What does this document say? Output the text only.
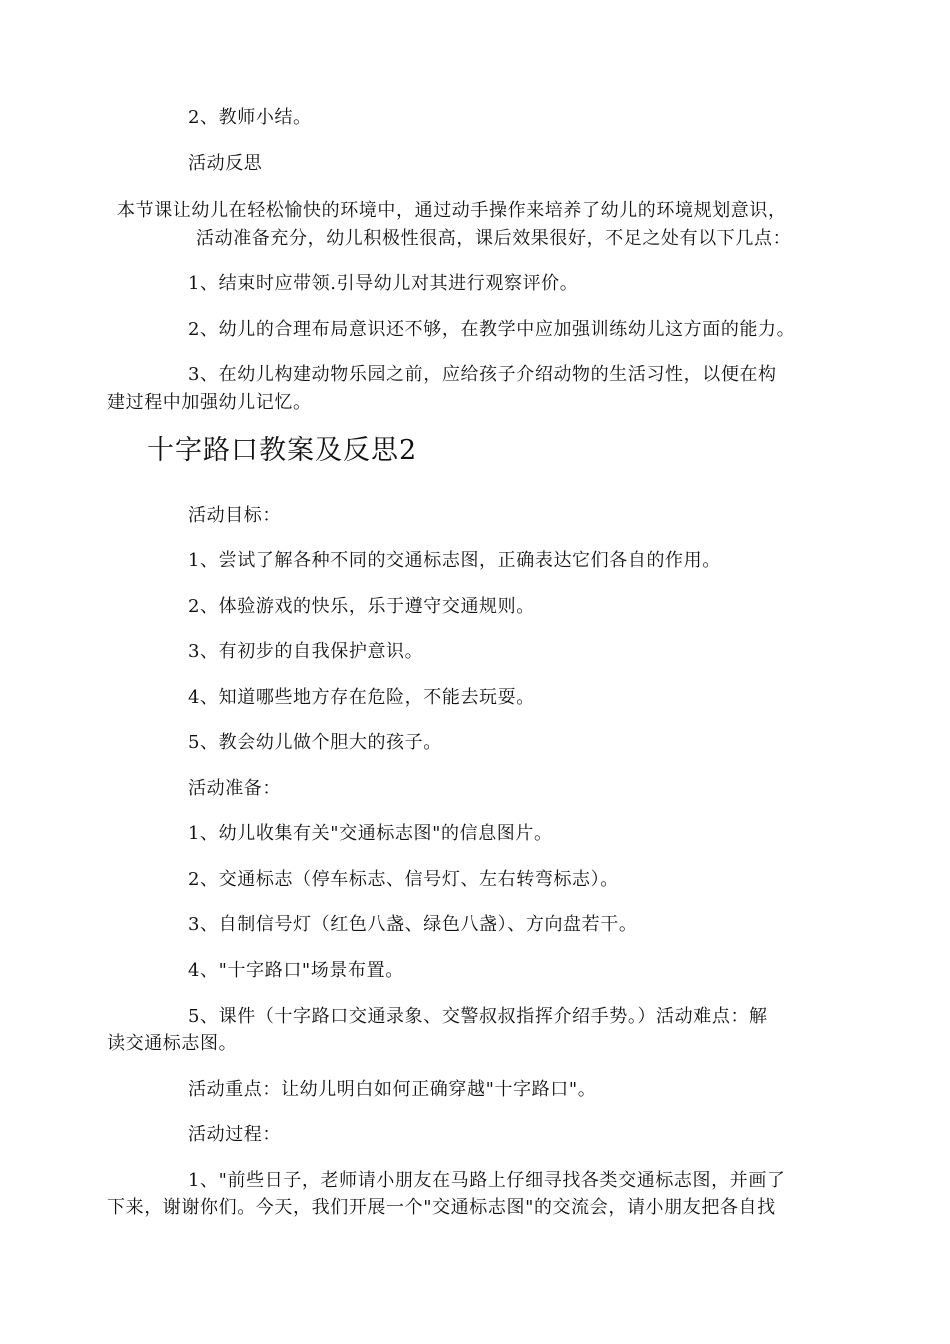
2、教师小结。
活动反思
本节课让幼儿在轻松愉快的环境中，通过动手操作来培养了幼儿的环境规划意识，
活动准备充分，幼儿积极性很高，课后效果很好，不足之处有以下几点：
1、结束时应带领.引导幼儿对其进行观察评价。
2、幼儿的合理布局意识还不够，在教学中应加强训练幼儿这方面的能力。
3、在幼儿构建动物乐园之前，应给孩子介绍动物的生活习性，以便在构
建过程中加强幼儿记忆。
十字路口教案及反思2
活动目标：
1、尝试了解各种不同的交通标志图，正确表达它们各自的作用。
2、体验游戏的快乐，乐于遵守交通规则。
3、有初步的自我保护意识。
4、知道哪些地方存在危险，不能去玩耍。
5、教会幼儿做个胆大的孩子。
活动准备：
1、幼儿收集有关"交通标志图"的信息图片。
2、交通标志（停车标志、信号灯、左右转弯标志）。
3、自制信号灯（红色八盏、绿色八盏）、方向盘若干。
4、"十字路口"场景布置。
5、课件（十字路口交通录象、交警叔叔指挥介绍手势。）活动难点：解
读交通标志图。
活动重点：让幼儿明白如何正确穿越"十字路口"。
活动过程：
1、"前些日子，老师请小朋友在马路上仔细寻找各类交通标志图，并画了
下来，谢谢你们。今天，我们开展一个"交通标志图"的交流会，请小朋友把各自找
